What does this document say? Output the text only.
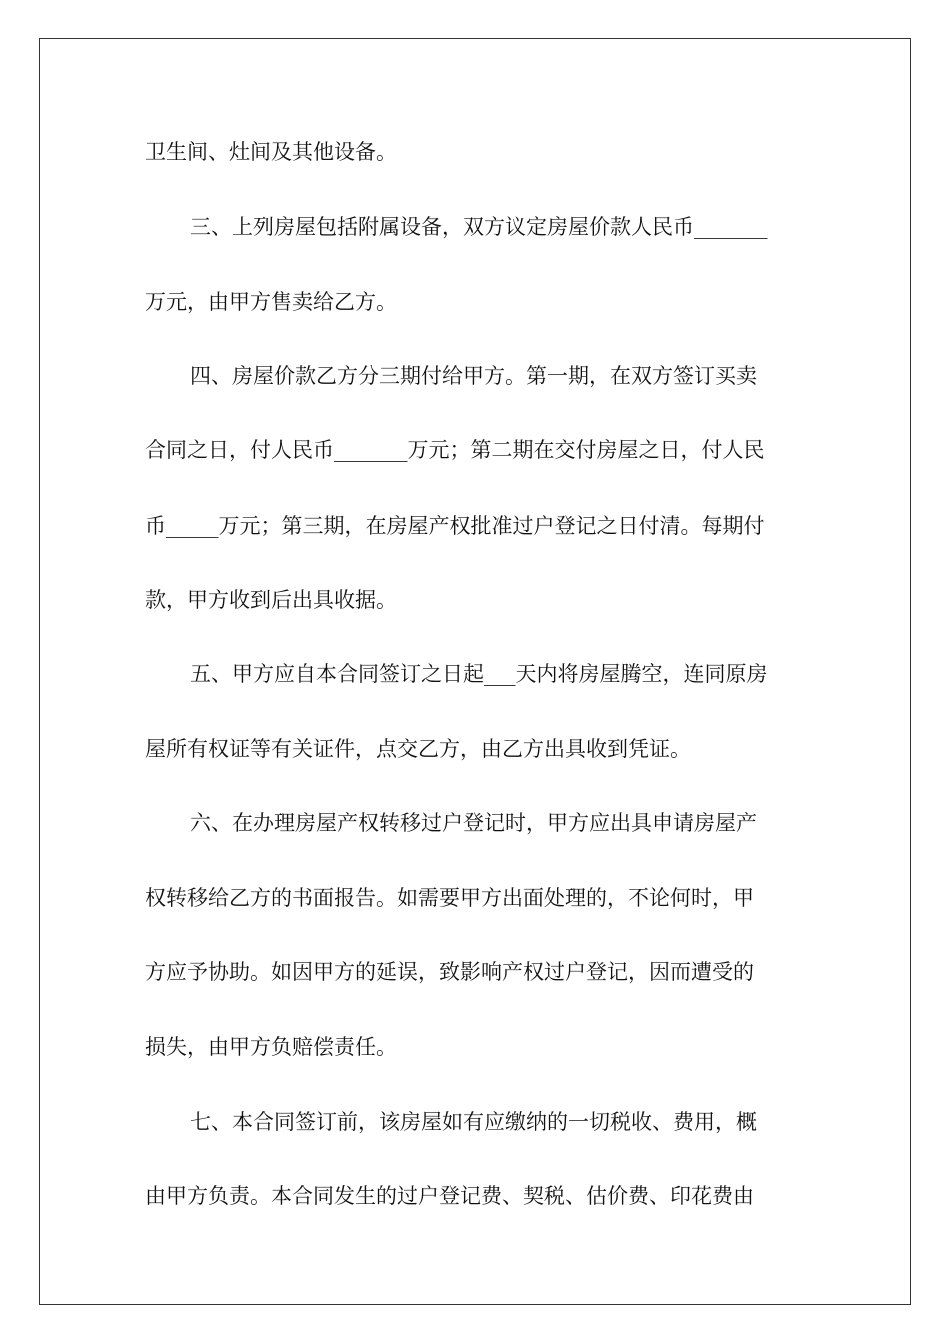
卫生间、灶间及其他设备。
三、上列房屋包括附属设备，双方议定房屋价款人民币_______
万元，由甲方售卖给乙方。
四、房屋价款乙方分三期付给甲方。第一期，在双方签订买卖
合同之日，付人民币_______万元；第二期在交付房屋之日，付人民
币_____万元；第三期，在房屋产权批准过户登记之日付清。每期付
款，甲方收到后出具收据。
五、甲方应自本合同签订之日起___天内将房屋腾空，连同原房
屋所有权证等有关证件，点交乙方，由乙方出具收到凭证。
六、在办理房屋产权转移过户登记时，甲方应出具申请房屋产
权转移给乙方的书面报告。如需要甲方出面处理的，不论何时，甲
方应予协助。如因甲方的延误，致影响产权过户登记，因而遭受的
损失，由甲方负赔偿责任。
七、本合同签订前，该房屋如有应缴纳的一切税收、费用，概
由甲方负责。本合同发生的过户登记费、契税、估价费、印花费由
